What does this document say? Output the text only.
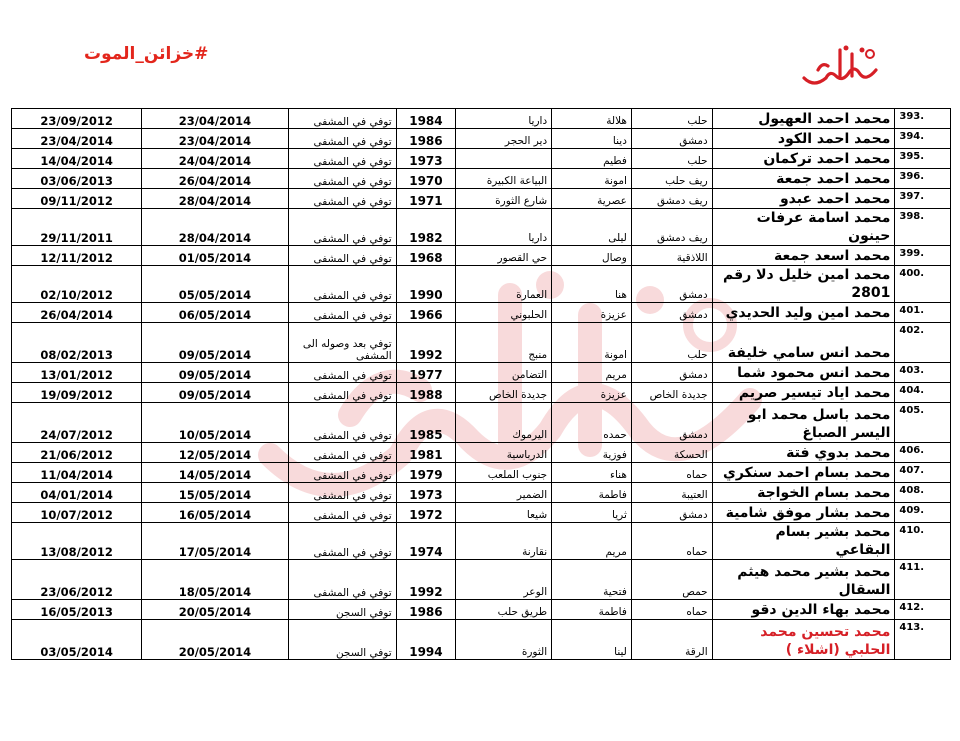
#خزائن_الموت
23/09/2012	23/04/2014	توفي في المشفى	1984	داريا	هلالة	حلب	محمد احمد العهيول	393.
23/04/2014	23/04/2014	توفي في المشفى	1986	دير الحجر	دينا	دمشق	محمد احمد الكود	394.
14/04/2014	24/04/2014	توفي في المشفى	1973		فطيم	حلب	محمد احمد تركمان	395.
03/06/2013	26/04/2014	توفي في المشفى	1970	البياعة الكبيرة	امونة	ريف حلب	محمد احمد جمعة	396.
09/11/2012	28/04/2014	توفي في المشفى	1971	شارع الثورة	عصرية	ريف دمشق	محمد احمد عبدو	397.
29/11/2011	28/04/2014	توفي في المشفى	1982	داريا	ليلى	ريف دمشق	محمد اسامة عرفات حينون	398.
12/11/2012	01/05/2014	توفي في المشفى	1968	حي القصور	وصال	اللاذقية	محمد اسعد جمعة	399.
02/10/2012	05/05/2014	توفي في المشفى	1990	العمارة	هنا	دمشق	محمد امين خليل دلا رقم 2801	400.
26/04/2014	06/05/2014	توفي في المشفى	1966	الحلبوني	عزيزة	دمشق	محمد امين وليد الحديدي	401.
08/02/2013	09/05/2014	توفي بعد وصوله الى المشفى	1992	منبج	امونة	حلب	محمد انس سامي خليفة	402.
13/01/2012	09/05/2014	توفي في المشفى	1977	التضامن	مريم	دمشق	محمد انس محمود شما	403.
19/09/2012	09/05/2014	توفي في المشفى	1988	جديدة الخاص	عزيزة	جديدة الخاص	محمد اياد تيسير صريم	404.
24/07/2012	10/05/2014	توفي في المشفى	1985	اليرموك	حمده	دمشق	محمد باسل محمد ابو اليسر الصباغ	405.
21/06/2012	12/05/2014	توفي في المشفى	1981	الدرباسية	فوزية	الحسكة	محمد بدوي فتة	406.
11/04/2014	14/05/2014	توفي في المشفى	1979	جنوب الملعب	هناء	حماه	محمد بسام احمد سنكري	407.
04/01/2014	15/05/2014	توفي في المشفى	1973	الضمير	فاطمة	العتيبة	محمد بسام الخواجة	408.
10/07/2012	16/05/2014	توفي في المشفى	1972	شيعا	ثريا	دمشق	محمد بشار موفق شامية	409.
13/08/2012	17/05/2014	توفي في المشفى	1974	نقارنة	مريم	حماه	محمد بشير بسام البقاعي	410.
23/06/2012	18/05/2014	توفي في المشفى	1992	الوعر	فتحية	حمص	محمد بشير محمد هيثم السقال	411.
16/05/2013	20/05/2014	توفي السجن	1986	طريق حلب	فاطمة	حماه	محمد بهاء الدين دقو	412.
03/05/2014	20/05/2014	توفي السجن	1994	الثورة	لينا	الرقة	محمد تحسين محمد الحلبي (اشلاء )	413.
